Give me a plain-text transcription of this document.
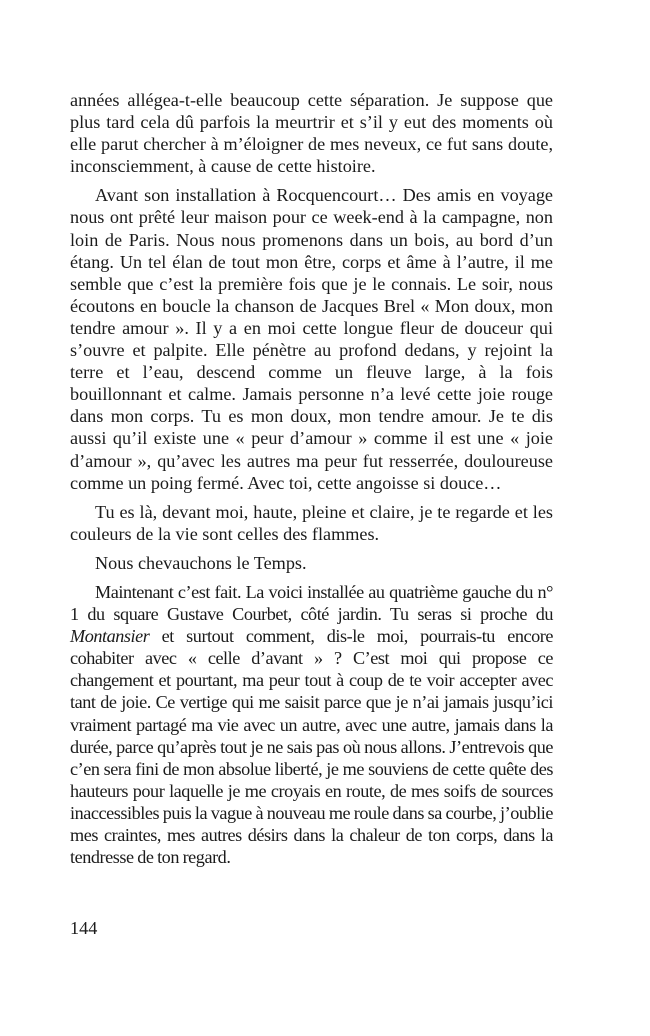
années allégea-t-elle beaucoup cette séparation. Je suppose que plus tard cela dû parfois la meurtrir et s’il y eut des moments où elle parut chercher à m’éloigner de mes neveux, ce fut sans doute, inconsciemment, à cause de cette histoire.

Avant son installation à Rocquencourt… Des amis en voyage nous ont prêté leur maison pour ce week-end à la campagne, non loin de Paris. Nous nous promenons dans un bois, au bord d’un étang. Un tel élan de tout mon être, corps et âme à l’autre, il me semble que c’est la première fois que je le connais. Le soir, nous écoutons en boucle la chanson de Jacques Brel « Mon doux, mon tendre amour ». Il y a en moi cette longue fleur de douceur qui s’ouvre et palpite. Elle pénètre au profond dedans, y rejoint la terre et l’eau, descend comme un fleuve large, à la fois bouillonnant et calme. Jamais personne n’a levé cette joie rouge dans mon corps. Tu es mon doux, mon tendre amour. Je te dis aussi qu’il existe une « peur d’amour » comme il est une « joie d’amour », qu’avec les autres ma peur fut resserrée, douloureuse comme un poing fermé. Avec toi, cette angoisse si douce…

Tu es là, devant moi, haute, pleine et claire, je te regarde et les couleurs de la vie sont celles des flammes.

Nous chevauchons le Temps.

Maintenant c’est fait. La voici installée au quatrième gauche du n° 1 du square Gustave Courbet, côté jardin. Tu seras si proche du Montansier et surtout comment, dis-le moi, pourrais-tu encore cohabiter avec « celle d’avant » ? C’est moi qui propose ce changement et pourtant, ma peur tout à coup de te voir accepter avec tant de joie. Ce vertige qui me saisit parce que je n’ai jamais jusqu’ici vraiment partagé ma vie avec un autre, avec une autre, jamais dans la durée, parce qu’après tout je ne sais pas où nous allons. J’entrevois que c’en sera fini de mon absolue liberté, je me souviens de cette quête des hauteurs pour laquelle je me croyais en route, de mes soifs de sources inaccessibles puis la vague à nouveau me roule dans sa courbe, j’oublie mes craintes, mes autres désirs dans la chaleur de ton corps, dans la tendresse de ton regard.

144
